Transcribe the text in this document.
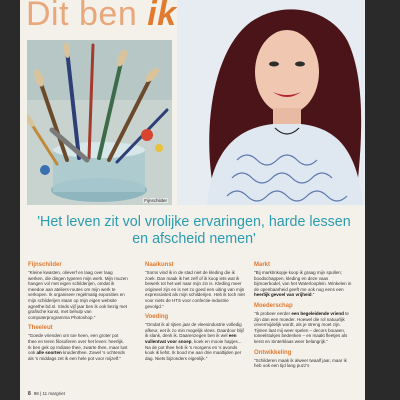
Dit ben ik

Fijnschilder

'Het leven zit vol vrolijke ervaringen, harde lessen en afscheid nemen'

Fijnschilder

"Kleine kwasten, olieverf en laag over laag werken, die dingen typeren mijn werk. Mijn muzen hangen vol met eigen schilderijen, omdat ik meedoe aan ateliers-routes om mijn werk te verkopen. Ik organiseer regelmatig exposities en mijn schilderijen staan op mijn eigen website agnethe.bd.nl. Sinds vijf jaar ben ik ook bezig met grafische kunst, met behulp van computerprogramma Photoshop."

Theeleut

"Goede vrienden om toe heen, een groter pot thee en teren filosoferen over het leven: heerlijk. Ik ben gek op Indiase thee, zwarte thee, maar lust ook alle soorten kruidenthee. Zowel 's ochtends als 's middags zet ik een hele pot voor mijzelf."

Naaikunst

"Soms vind ik in de stad niet de kleding die ik zoek. Dan maak ik het zelf of ik koop iets wat ik bewerk tot het wel naar mijn zin is. Kleding meer origineel zijn en is net zo goed een uiting van mijn expressiviteit als mijn schilderijen. Heb ik toch niet voor niets de HTS voor confectie-industrie gevolgd."

Voeding

"Omdat ik al rijtien jaar de vleesindustrie volledig afkeur, eet ik zo min mogelijk vlees. Daardoor blijf ik slank, denk ik. Daarenzegen ben ik wel een vullentvat voor snoep, koek en mooie hapjes... Na de pot thee heb ik 's morgens en 's avonds kook ik liefst. Ik bood me aan drie maaltijden per dag. Niets bijzonders eigenlijk."

Markt

"Bij marktinkopje koop ik graag mijn spullen; boodschappen, kleding en deze vaas bijmoerbodel, van het Waterlooplein. Winkelen in de openbaarheid geeft me ook nog eens een heerlijk gevoel van vrijheid."

Moederschap

"Ik probeer eerder een begeleidende vriend te zijn dan een moeder. Hoewel die rol natuurlijk onvermijdelijk wordt, als je streng moet zijn. Tijmen laat mij weer spelen – decors bouwen, toneelstukjes bedenken – en maakt fleetjes als kerst en Sinterklaas weer belangrijk."

Ontwikkeling

"Schilderen maak ik alweer twaalf jaar, maar ik heb ook een tijd lang puzz's

8 98 | 11 margriet
